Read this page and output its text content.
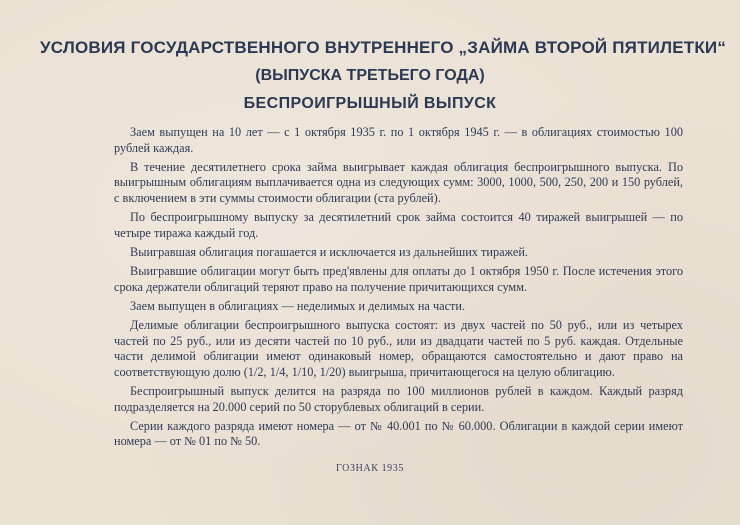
УСЛОВИЯ ГОСУДАРСТВЕННОГО ВНУТРЕННЕГО „ЗАЙМА ВТОРОЙ ПЯТИЛЕТКИ“
(ВЫПУСКА ТРЕТЬЕГО ГОДА)
БЕСПРОИГРЫШНЫЙ ВЫПУСК

Заем выпущен на 10 лет — с 1 октября 1935 г. по 1 октября 1945 г. — в облигациях стоимостью 100 рублей каждая.

В течение десятилетнего срока займа выигрывает каждая облигация беспроигрышного выпуска. По выигрышным облигациям выплачивается одна из следующих сумм: 3000, 1000, 500, 250, 200 и 150 рублей, с включением в эти суммы стоимости облигации (ста рублей).

По беспроигрышному выпуску за десятилетний срок займа состоится 40 тиражей выигрышей — по четыре тиража каждый год.

Выигравшая облигация погашается и исключается из дальнейших тиражей.

Выигравшие облигации могут быть пред'явлены для оплаты до 1 октября 1950 г. После истечения этого срока держатели облигаций теряют право на получение причитающихся сумм.

Заем выпущен в облигациях — неделимых и делимых на части.

Делимые облигации беспроигрышного выпуска состоят: из двух частей по 50 руб., или из четырех частей по 25 руб., или из десяти частей по 10 руб., или из двадцати частей по 5 руб. каждая. Отдельные части делимой облигации имеют одинаковый номер, обращаются самостоятельно и дают право на соответствующую долю (1/2, 1/4, 1/10, 1/20) выигрыша, причитающегося на целую облигацию.

Беспроигрышный выпуск делится на разряда по 100 миллионов рублей в каждом. Каждый разряд подразделяется на 20.000 серий по 50 сторублевых облигаций в серии.

Серии каждого разряда имеют номера — от № 40.001 по № 60.000. Облигации в каждой серии имеют номера — от № 01 по № 50.

ГОЗНАК 1935
